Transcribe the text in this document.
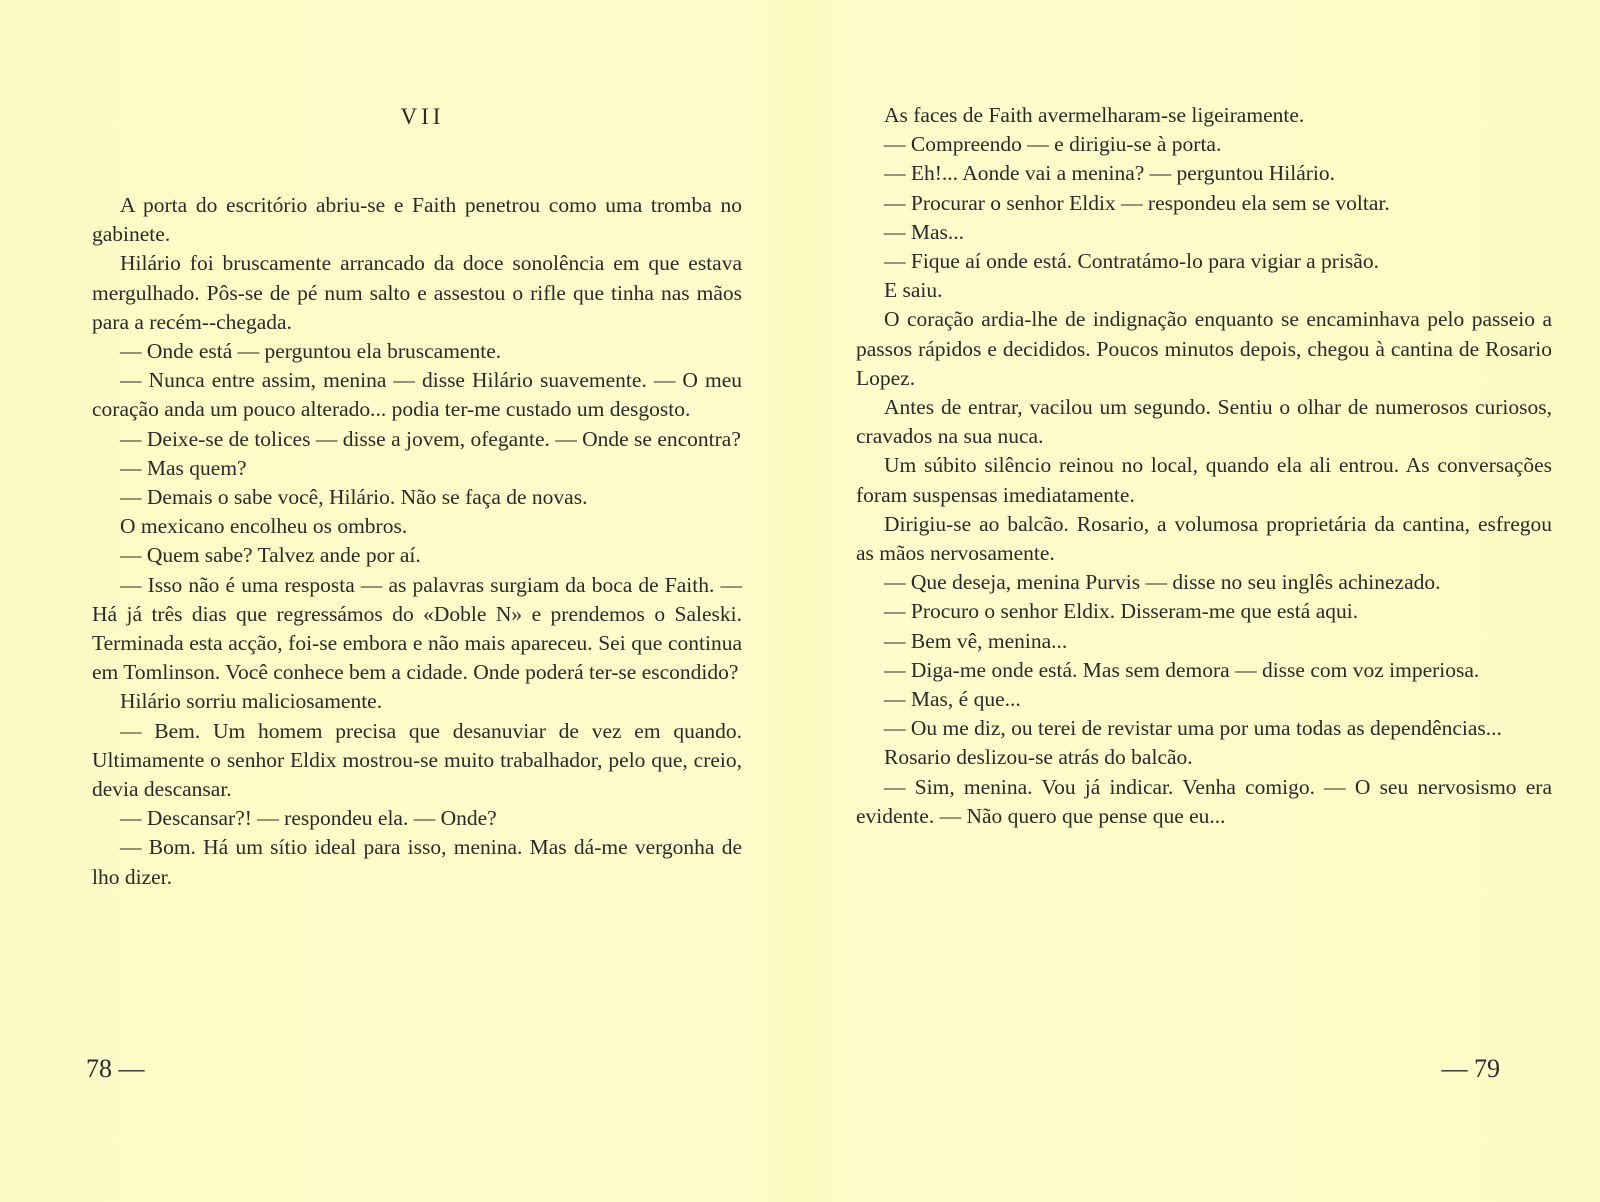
VII

A porta do escritório abriu-se e Faith penetrou como uma tromba no gabinete.

Hilário foi bruscamente arrancado da doce sonolência em que estava mergulhado. Pôs-se de pé num salto e assestou o rifle que tinha nas mãos para a recém--chegada.

— Onde está — perguntou ela bruscamente.

— Nunca entre assim, menina — disse Hilário suavemente. — O meu coração anda um pouco alterado... podia ter-me custado um desgosto.

— Deixe-se de tolices — disse a jovem, ofegante. — Onde se encontra?

— Mas quem?

— Demais o sabe você, Hilário. Não se faça de novas.

O mexicano encolheu os ombros.

— Quem sabe? Talvez ande por aí.

— Isso não é uma resposta — as palavras surgiam da boca de Faith. — Há já três dias que regressámos do «Doble N» e prendemos o Saleski. Terminada esta acção, foi-se embora e não mais apareceu. Sei que continua em Tomlinson. Você conhece bem a cidade. Onde poderá ter-se escondido?

Hilário sorriu maliciosamente.

— Bem. Um homem precisa que desanuviar de vez em quando. Ultimamente o senhor Eldix mostrou-se muito trabalhador, pelo que, creio, devia descansar.

— Descansar?! — respondeu ela. — Onde?

— Bom. Há um sítio ideal para isso, menina. Mas dá-me vergonha de lho dizer.

78 —

As faces de Faith avermelharam-se ligeiramente.

— Compreendo — e dirigiu-se à porta.

— Eh!... Aonde vai a menina? — perguntou Hilário.

— Procurar o senhor Eldix — respondeu ela sem se voltar.

— Mas...

— Fique aí onde está. Contratámo-lo para vigiar a prisão.

E saiu.

O coração ardia-lhe de indignação enquanto se encaminhava pelo passeio a passos rápidos e decididos. Poucos minutos depois, chegou à cantina de Rosario Lopez.

Antes de entrar, vacilou um segundo. Sentiu o olhar de numerosos curiosos, cravados na sua nuca.

Um súbito silêncio reinou no local, quando ela ali entrou. As conversações foram suspensas imediatamente.

Dirigiu-se ao balcão. Rosario, a volumosa proprietária da cantina, esfregou as mãos nervosamente.

— Que deseja, menina Purvis — disse no seu inglês achinezado.

— Procuro o senhor Eldix. Disseram-me que está aqui.

— Bem vê, menina...

— Diga-me onde está. Mas sem demora — disse com voz imperiosa.

— Mas, é que...

— Ou me diz, ou terei de revistar uma por uma todas as dependências...

Rosario deslizou-se atrás do balcão.

— Sim, menina. Vou já indicar. Venha comigo. — O seu nervosismo era evidente. — Não quero que pense que eu...

— 79
